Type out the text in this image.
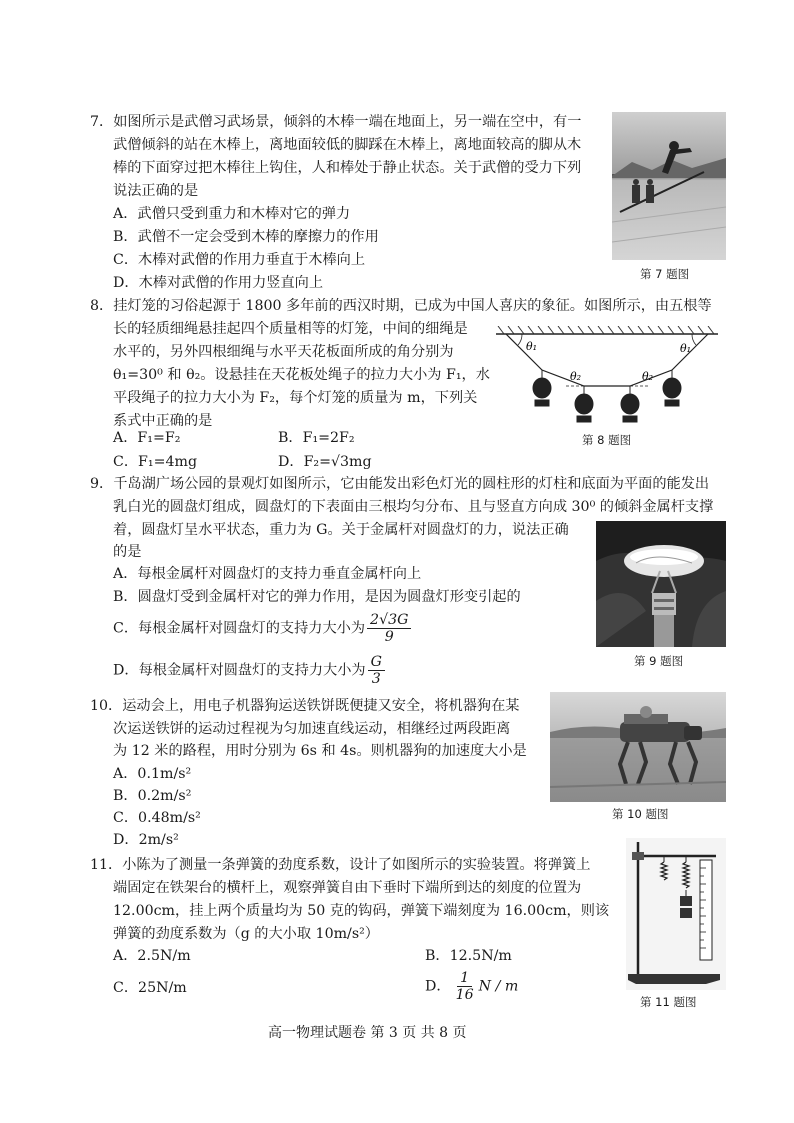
7．如图所示是武僧习武场景，倾斜的木棒一端在地面上，另一端在空中，有一
武僧倾斜的站在木棒上，离地面较低的脚踩在木棒上，离地面较高的脚从木
棒的下面穿过把木棒往上钩住，人和棒处于静止状态。关于武僧的受力下列
说法正确的是
A．武僧只受到重力和木棒对它的弹力
B．武僧不一定会受到木棒的摩擦力的作用
C．木棒对武僧的作用力垂直于木棒向上
D．木棒对武僧的作用力竖直向上
第 7 题图
8．挂灯笼的习俗起源于 1800 多年前的西汉时期，已成为中国人喜庆的象征。如图所示，由五根等
长的轻质细绳悬挂起四个质量相等的灯笼，中间的细绳是
水平的，另外四根细绳与水平天花板面所成的角分别为
θ₁=30⁰ 和 θ₂。设悬挂在天花板处绳子的拉力大小为 F₁，水
平段绳子的拉力大小为 F₂，每个灯笼的质量为 m，下列关
系式中正确的是
A．F₁=F₂	B．F₁=2F₂
C．F₁=4mg	D．F₂=√3mg
θ₁	θ₁
θ₂	θ₂
第 8 题图
9．千岛湖广场公园的景观灯如图所示，它由能发出彩色灯光的圆柱形的灯柱和底面为平面的能发出
乳白光的圆盘灯组成，圆盘灯的下表面由三根均匀分布、且与竖直方向成 30⁰ 的倾斜金属杆支撑
着，圆盘灯呈水平状态，重力为 G。关于金属杆对圆盘灯的力，说法正确
的是
A．每根金属杆对圆盘灯的支持力垂直金属杆向上
B．圆盘灯受到金属杆对它的弹力作用，是因为圆盘灯形变引起的
C．每根金属杆对圆盘灯的支持力大小为 $\frac{2√3G}{9}$
D．每根金属杆对圆盘灯的支持力大小为 $\frac{G}{3}$	第 9 题图
10．运动会上，用电子机器狗运送铁饼既便捷又安全，将机器狗在某
次运送铁饼的运动过程视为匀加速直线运动，相继经过两段距离
为 12 米的路程，用时分别为 6s 和 4s。则机器狗的加速度大小是
A．0.1m/s²
B．0.2m/s²
C．0.48m/s²
D．2m/s²
第 10 题图
11．小陈为了测量一条弹簧的劲度系数，设计了如图所示的实验装置。将弹簧上
端固定在铁架台的横杆上，观察弹簧自由下垂时下端所到达的刻度的位置为
12.00cm，挂上两个质量均为 50 克的钩码，弹簧下端刻度为 16.00cm，则该
弹簧的劲度系数为（g 的大小取 10m/s²）
A．2.5N/m	B．12.5N/m
C．25N/m	D． $\frac{1}{16}$ N / m
第 11 题图
高一物理试题卷 第 3 页 共 8 页
